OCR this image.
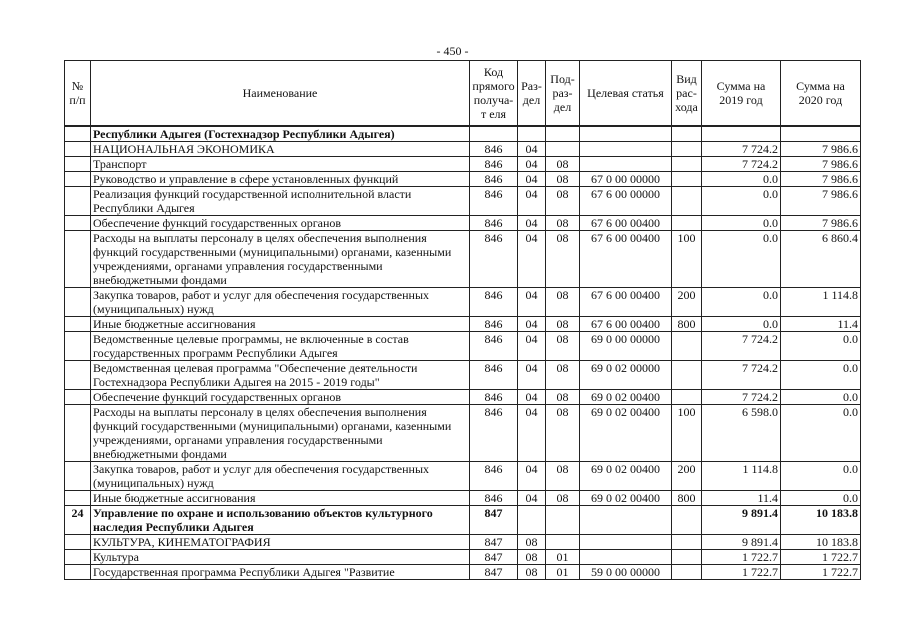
- 450 -
№ п/п	Наименование	Код прямого получа-т еля	Раз- дел	Под- раз- дел	Целевая статья	Вид рас- хода	Сумма на 2019 год	Сумма на 2020 год
	Республики Адыгея (Гостехнадзор Республики Адыгея)							
	НАЦИОНАЛЬНАЯ ЭКОНОМИКА	846	04				7 724.2	7 986.6
	Транспорт	846	04	08			7 724.2	7 986.6
	Руководство и управление в сфере установленных функций	846	04	08	67 0 00 00000		0.0	7 986.6
	Реализация функций государственной исполнительной власти Республики Адыгея	846	04	08	67 6 00 00000		0.0	7 986.6
	Обеспечение функций государственных органов	846	04	08	67 6 00 00400		0.0	7 986.6
	Расходы на выплаты персоналу в целях обеспечения выполнения функций государственными (муниципальными) органами, казенными учреждениями, органами управления государственными внебюджетными фондами	846	04	08	67 6 00 00400	100	0.0	6 860.4
	Закупка товаров, работ и услуг для обеспечения государственных (муниципальных) нужд	846	04	08	67 6 00 00400	200	0.0	1 114.8
	Иные бюджетные ассигнования	846	04	08	67 6 00 00400	800	0.0	11.4
	Ведомственные целевые программы, не включенные в состав государственных программ Республики Адыгея	846	04	08	69 0 00 00000		7 724.2	0.0
	Ведомственная целевая программа "Обеспечение деятельности Гостехнадзора Республики Адыгея на 2015 - 2019 годы"	846	04	08	69 0 02 00000		7 724.2	0.0
	Обеспечение функций государственных органов	846	04	08	69 0 02 00400		7 724.2	0.0
	Расходы на выплаты персоналу в целях обеспечения выполнения функций государственными (муниципальными) органами, казенными учреждениями, органами управления государственными внебюджетными фондами	846	04	08	69 0 02 00400	100	6 598.0	0.0
	Закупка товаров, работ и услуг для обеспечения государственных (муниципальных) нужд	846	04	08	69 0 02 00400	200	1 114.8	0.0
	Иные бюджетные ассигнования	846	04	08	69 0 02 00400	800	11.4	0.0
24	Управление по охране и использованию объектов культурного наследия Республики Адыгея	847					9 891.4	10 183.8
	КУЛЬТУРА, КИНЕМАТОГРАФИЯ	847	08				9 891.4	10 183.8
	Культура	847	08	01			1 722.7	1 722.7
	Государственная программа Республики Адыгея "Развитие	847	08	01	59 0 00 00000		1 722.7	1 722.7
